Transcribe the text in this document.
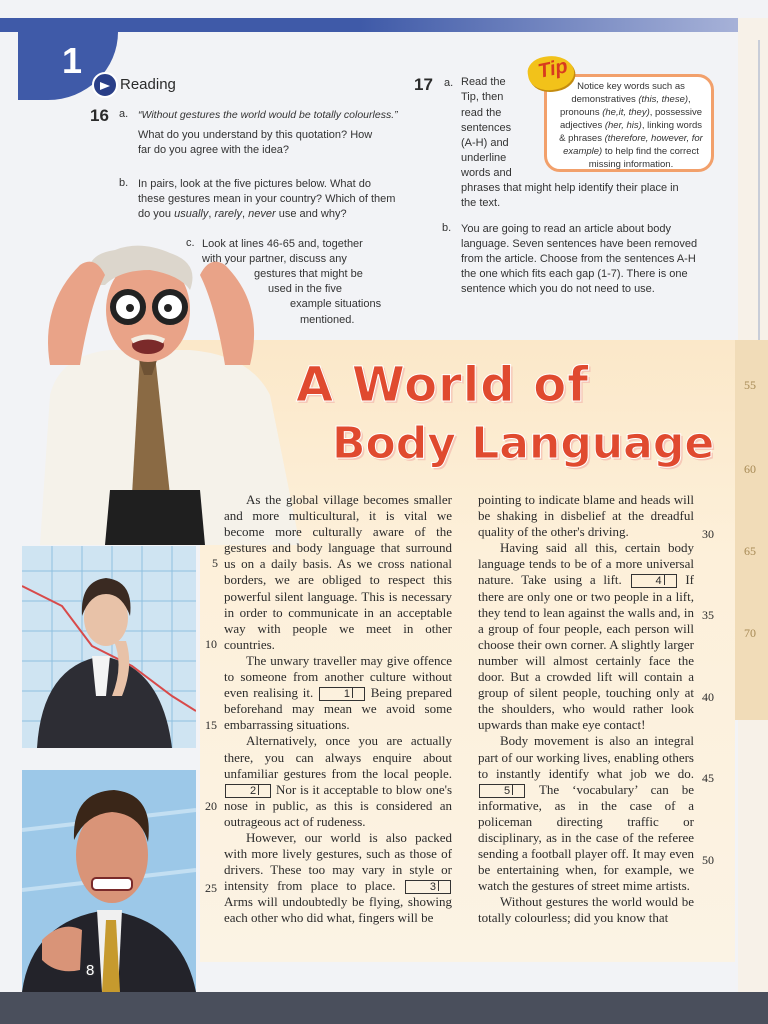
55
60
65
70
1
Reading
16 a. “Without gestures the world would be totally colourless.”
What do you understand by this quotation? How far do you agree with the idea?
b. In pairs, look at the five pictures below. What do these gestures mean in your country? Which of them do you usually, rarely, never use and why?
c. Look at lines 46-65 and, together
with your partner, discuss any
gestures that might be
used in the five
example situations
mentioned.
17 a. Read the
Tip, then
read the
sentences
(A-H) and
underline
words and
phrases that might help identify their place in
the text.
b. You are going to read an article about body language. Seven sentences have been removed from the article. Choose from the sentences A-H the one which fits each gap (1-7). There is one sentence which you do not need to use.
Tip
Notice key words such as demonstratives (this, these), pronouns (he,it, they), possessive adjectives (her, his), linking words & phrases (therefore, however, for example) to help find the correct missing information.
A World of
Body Language
8

As the global village becomes smaller and more multicultural, it is vital we become more culturally aware of the gestures and body language that surround us on a daily basis. As we cross national borders, we are obliged to respect this powerful silent language. This is necessary in order to communicate in an acceptable way with people we meet in other countries.

The unwary traveller may give offence to someone from another culture without even realising it.	1 Being prepared beforehand may mean we avoid some embarrassing situations.

Alternatively, once you are actually there, you can always enquire about unfamiliar gestures from the local people. 2 Nor is it acceptable to blow one's nose in public, as this is considered an outrageous act of rudeness.

However, our world is also packed with more lively gestures, such as those of drivers. These too may vary in style or intensity from place to place.	3 Arms will undoubtedly be flying, showing each other who did what, fingers will be

5
10
15
20
25

pointing to indicate blame and heads will be shaking in disbelief at the dreadful quality of the other's driving.

Having said all this, certain body language tends to be of a more universal nature. Take using a lift.	4 If there are only one or two people in a lift, they tend to lean against the walls and, in a group of four people, each person will choose their own corner. A slightly larger number will almost certainly face the door. But a crowded lift will contain a group of silent people, touching only at the shoulders, who would rather look upwards than make eye contact!

Body movement is also an integral part of our working lives, enabling others to instantly identify what job we do. 5 The ‘vocabulary’ can be informative, as in the case of a policeman directing traffic or disciplinary, as in the case of the referee sending a football player off. It may even be entertaining when, for example, we watch the gestures of street mime artists.

Without gestures the world would be totally colourless; did you know that

30
35
40
45
50
